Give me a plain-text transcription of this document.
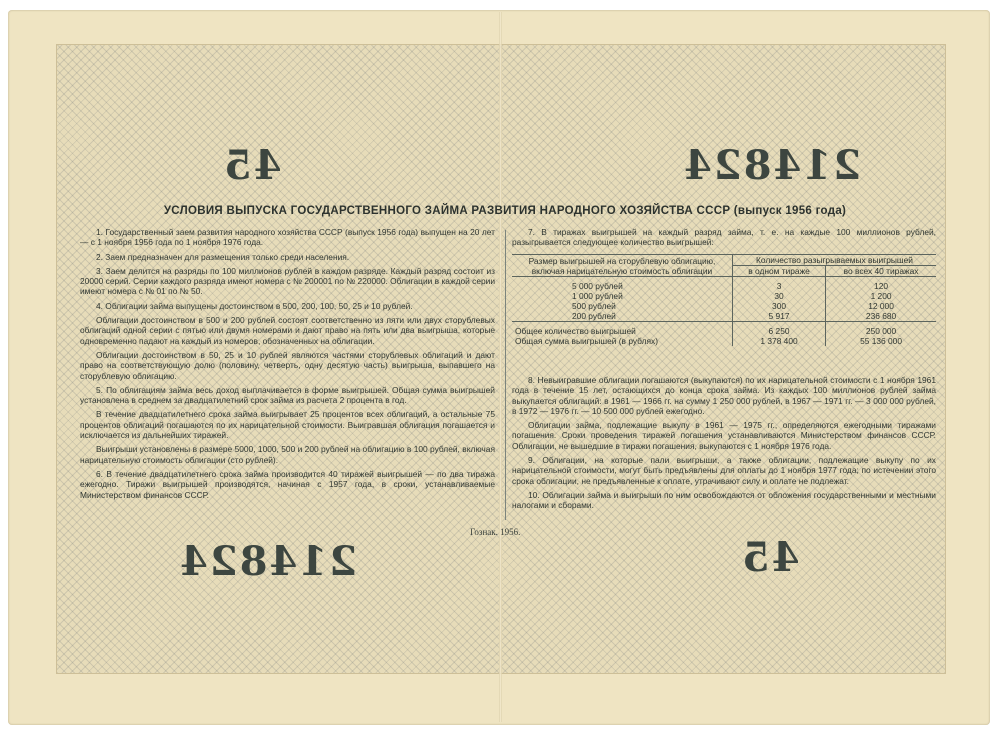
45	214824
214824	45
УСЛОВИЯ ВЫПУСКА ГОСУДАРСТВЕННОГО ЗАЙМА РАЗВИТИЯ НАРОДНОГО ХОЗЯЙСТВА СССР (выпуск 1956 года)

1. Государственный заем развития народного хозяйства СССР (выпуск 1956 года) выпущен на 20 лет — с 1 ноября 1956 года по 1 ноября 1976 года.

2. Заем предназначен для размещения только среди населения.

3. Заем делится на разряды по 100 миллионов рублей в каждом разряде. Каждый разряд состоит из 20000 серий. Серии каждого разряда имеют номера с № 200001 по № 220000. Облигации в каждой серии имеют номера с № 01 по № 50.

4. Облигации займа выпущены достоинством в 500, 200, 100, 50, 25 и 10 рублей.

Облигации достоинством в 500 и 200 рублей состоят соответственно из пяти или двух сторублевых облигаций одной серии с пятью или двумя номерами и дают право на пять или два выигрыша, которые одновременно падают на каждый из номеров, обозначенных на облигации.

Облигации достоинством в 50, 25 и 10 рублей являются частями сторублевых облигаций и дают право на соответствующую долю (половину, четверть, одну десятую часть) выигрыша, выпавшего на сторублевую облигацию.

5. По облигациям займа весь доход выплачивается в форме выигрышей. Общая сумма выигрышей установлена в среднем за двадцатилетний срок займа из расчета 2 процента в год.

В течение двадцатилетнего срока займа выигрывает 25 процентов всех облигаций, а остальные 75 процентов облигаций погашаются по их нарицательной стоимости. Выигравшая облигация погашается и исключается из дальнейших тиражей.

Выигрыши установлены в размере 5000, 1000, 500 и 200 рублей на облигацию в 100 рублей, включая нарицательную стоимость облигации (сто рублей).

6. В течение двадцатилетнего срока займа производится 40 тиражей выигрышей — по два тиража ежегодно. Тиражи выигрышей производятся, начиная с 1957 года, в сроки, устанавливаемые Министерством финансов СССР.

7. В тиражах выигрышей на каждый разряд займа, т. е. на каждые 100 миллионов рублей, разыгрывается следующее количество выигрышей:

Размер выигрышей на сторублевую облигацию, включая нарицательную стоимость облигации	Количество разыгрываемых выигрышей	
	в одном тираже	во всех 40 тиражах

5 000 рублей	3	120
1 000 рублей	30	1 200
500 рублей	300	12 000
200 рублей	5 917	236 680
Общее количество выигрышей	6 250	250 000
Общая сумма выигрышей (в рублях)	1 378 400	55 136 000

8. Невыигравшие облигации погашаются (выкупаются) по их нарицательной стоимости с 1 ноября 1961 года в течение 15 лет, остающихся до конца срока займа. Из каждых 100 миллионов рублей займа выкупается облигаций: в 1961 — 1966 гг. на сумму 1 250 000 рублей, в 1967 — 1971 гг. — 3 000 000 рублей, в 1972 — 1976 гг. — 10 500 000 рублей ежегодно.

Облигации займа, подлежащие выкупу в 1961 — 1975 гг., определяются ежегодными тиражами погашения. Сроки проведения тиражей погашения устанавливаются Министерством финансов СССР. Облигации, не вышедшие в тиражи погашения, выкупаются с 1 ноября 1976 года.

9. Облигации, на которые пали выигрыши, а также облигации, подлежащие выкупу по их нарицательной стоимости, могут быть предъявлены для оплаты до 1 ноября 1977 года; по истечении этого срока облигации, не предъявленные к оплате, утрачивают силу и оплате не подлежат.

10. Облигации займа и выигрыши по ним освобождаются от обложения государственными и местными налогами и сборами.

Гознак. 1956.
